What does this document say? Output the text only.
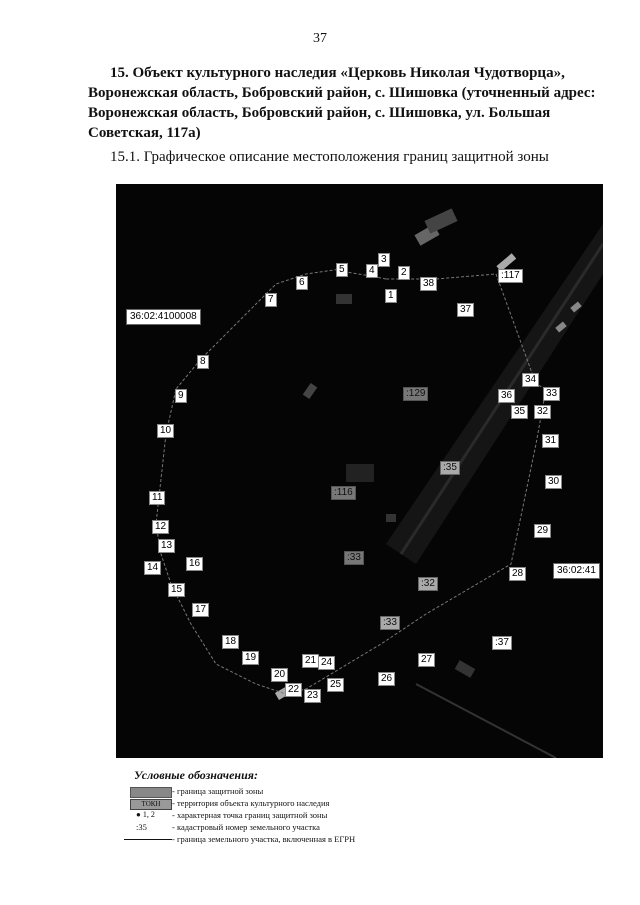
37
15. Объект культурного наследия «Церковь Николая Чудотворца»,
Воронежская область, Бобровский район, с. Шишовка (уточненный адрес:
Воронежская область, Бобровский район, с. Шишовка, ул. Большая
Советская, 117а)
15.1. Графическое описание местоположения границ защитной зоны
36:02:4100008
36:02:41
:117
:129
:35
:116
:33
:32
:33
:37
1
2
3
4
5
6
7
8
9
10
11
12
13
14
15
16
17
18
19
20
21
22
23
24
25
26
27
28
29
30
31
32
33
34
35
36
37
38
Условные обозначения:
- граница защитной зоны
ТОКН	- территория объекта культурного наследия
● 1, 2	- характерная точка границ защитной зоны
:35	- кадастровый номер земельного участка
- граница земельного участка, включенная в ЕГРН
